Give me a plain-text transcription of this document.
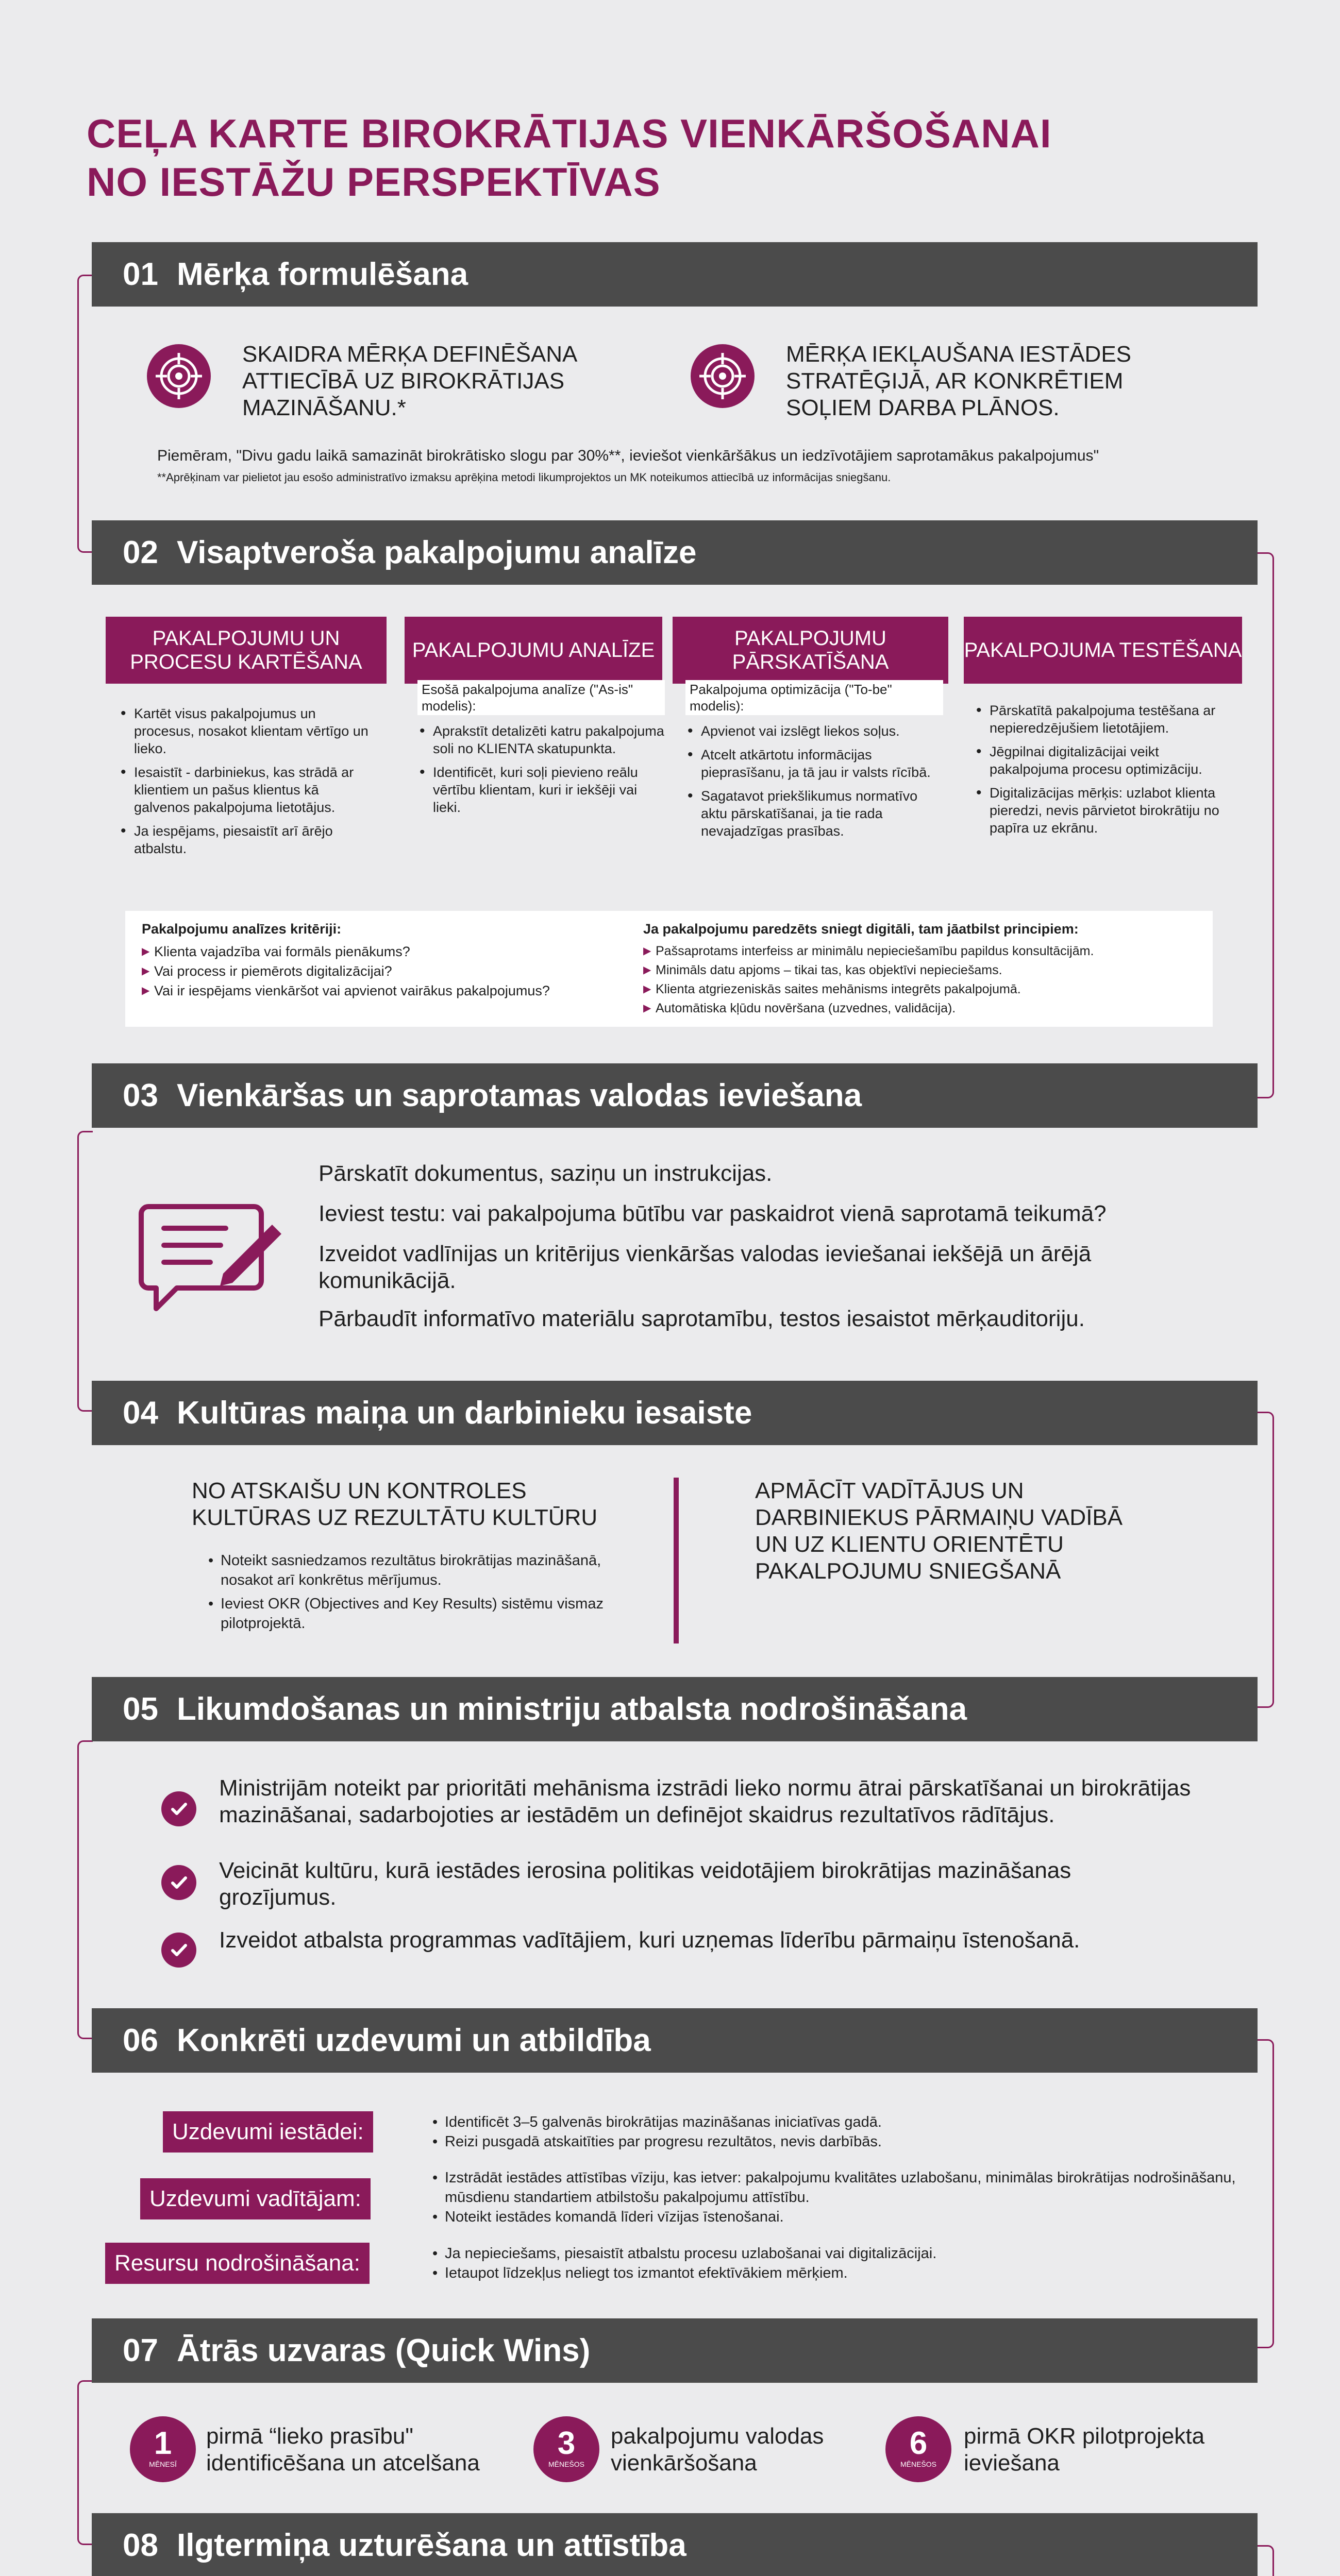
CEĻA KARTE BIROKRĀTIJAS VIENKĀRŠOŠANAI
NO IESTĀŽU PERSPEKTĪVAS
01 Mērķa formulēšana
SKAIDRA MĒRĶA DEFINĒŠANA ATTIECĪBĀ UZ BIROKRĀTIJAS MAZINĀŠANU.*
MĒRĶA IEKĻAUŠANA IESTĀDES STRATĒĢIJĀ, AR KONKRĒTIEM SOĻIEM DARBA PLĀNOS.
Piemēram, "Divu gadu laikā samazināt birokrātisko slogu par 30%**, ieviešot vienkāršākus un iedzīvotājiem saprotamākus pakalpojumus"
**Aprēķinam var pielietot jau esošo administratīvo izmaksu aprēķina metodi likumprojektos un MK noteikumos attiecībā uz informācijas sniegšanu.
02 Visaptveroša pakalpojumu analīze
PAKALPOJUMU UN PROCESU KARTĒŠANA
PAKALPOJUMU ANALĪZE
PAKALPOJUMU PĀRSKATĪŠANA
PAKALPOJUMA TESTĒŠANA
• Kartēt visus pakalpojumus un procesus, nosakot klientam vērtīgo un lieko.
• Iesaistīt - darbiniekus, kas strādā ar klientiem un pašus klientus kā galvenos pakalpojuma lietotājus.
• Ja iespējams, piesaistīt arī ārējo atbalstu.
Esošā pakalpojuma analīze ("As-is" modelis):
• Aprakstīt detalizēti katru pakalpojuma soli no KLIENTA skatupunkta.
• Identificēt, kuri soļi pievieno reālu vērtību klientam, kuri ir iekšēji vai lieki.
Pakalpojuma optimizācija ("To-be" modelis):
• Apvienot vai izslēgt liekos soļus.
• Atcelt atkārtotu informācijas pieprasīšanu, ja tā jau ir valsts rīcībā.
• Sagatavot priekšlikumus normatīvo aktu pārskatīšanai, ja tie rada nevajadzīgas prasības.
• Pārskatītā pakalpojuma testēšana ar nepieredzējušiem lietotājiem.
• Jēgpilnai digitalizācijai veikt pakalpojuma procesu optimizāciju.
• Digitalizācijas mērķis: uzlabot klienta pieredzi, nevis pārvietot birokrātiju no papīra uz ekrānu.
Pakalpojumu analīzes kritēriji:
▶ Klienta vajadzība vai formāls pienākums?
▶ Vai process ir piemērots digitalizācijai?
▶ Vai ir iespējams vienkāršot vai apvienot vairākus pakalpojumus?
Ja pakalpojumu paredzēts sniegt digitāli, tam jāatbilst principiem:
▶ Pašsaprotams interfeiss ar minimālu nepieciešamību papildus konsultācijām.
▶ Minimāls datu apjoms – tikai tas, kas objektīvi nepieciešams.
▶ Klienta atgriezeniskās saites mehānisms integrēts pakalpojumā.
▶ Automātiska kļūdu novēršana (uzvednes, validācija).
03 Vienkāršas un saprotamas valodas ieviešana
Pārskatīt dokumentus, saziņu un instrukcijas.
Ieviest testu: vai pakalpojuma būtību var paskaidrot vienā saprotamā teikumā?
Izveidot vadlīnijas un kritērijus vienkāršas valodas ieviešanai iekšējā un ārējā komunikācijā.
Pārbaudīt informatīvo materiālu saprotamību, testos iesaistot mērķauditoriju.
04 Kultūras maiņa un darbinieku iesaiste
NO ATSKAIŠU UN KONTROLES KULTŪRAS UZ REZULTĀTU KULTŪRU
• Noteikt sasniedzamos rezultātus birokrātijas mazināšanā, nosakot arī konkrētus mērījumus.
• Ieviest OKR (Objectives and Key Results) sistēmu vismaz pilotprojektā.
APMĀCĪT VADĪTĀJUS UN DARBINIEKUS PĀRMAIŅU VADĪBĀ UN UZ KLIENTU ORIENTĒTU PAKALPOJUMU SNIEGŠANĀ
05 Likumdošanas un ministriju atbalsta nodrošināšana
Ministrijām noteikt par prioritāti mehānisma izstrādi lieko normu ātrai pārskatīšanai un birokrātijas mazināšanai, sadarbojoties ar iestādēm un definējot skaidrus rezultatīvos rādītājus.
Veicināt kultūru, kurā iestādes ierosina politikas veidotājiem birokrātijas mazināšanas grozījumus.
Izveidot atbalsta programmas vadītājiem, kuri uzņemas līderību pārmaiņu īstenošanā.
06 Konkrēti uzdevumi un atbildība
Uzdevumi iestādei:	• Identificēt 3–5 galvenās birokrātijas mazināšanas iniciatīvas gadā.
• Reizi pusgadā atskaitīties par progresu rezultātos, nevis darbībās.
Uzdevumi vadītājam:
• Izstrādāt iestādes attīstības vīziju, kas ietver: pakalpojumu kvalitātes uzlabošanu, minimālas birokrātijas nodrošināšanu, mūsdienu standartiem atbilstošu pakalpojumu attīstību.
• Noteikt iestādes komandā līderi vīzijas īstenošanai.
Resursu nodrošināšana:	• Ja nepieciešams, piesaistīt atbalstu procesu uzlabošanai vai digitalizācijai.
• Ietaupot līdzekļus neliegt tos izmantot efektīvākiem mērķiem.
07 Ātrās uzvaras (Quick Wins)
1
MĒNESĪ
pirmā “lieko prasību" identificēšana un atcelšana
3
MĒNEŠOS
pakalpojumu valodas vienkāršošana
6
MĒNEŠOS
pirmā OKR pilotprojekta ieviešana
08 Ilgtermiņa uzturēšana un attīstība
